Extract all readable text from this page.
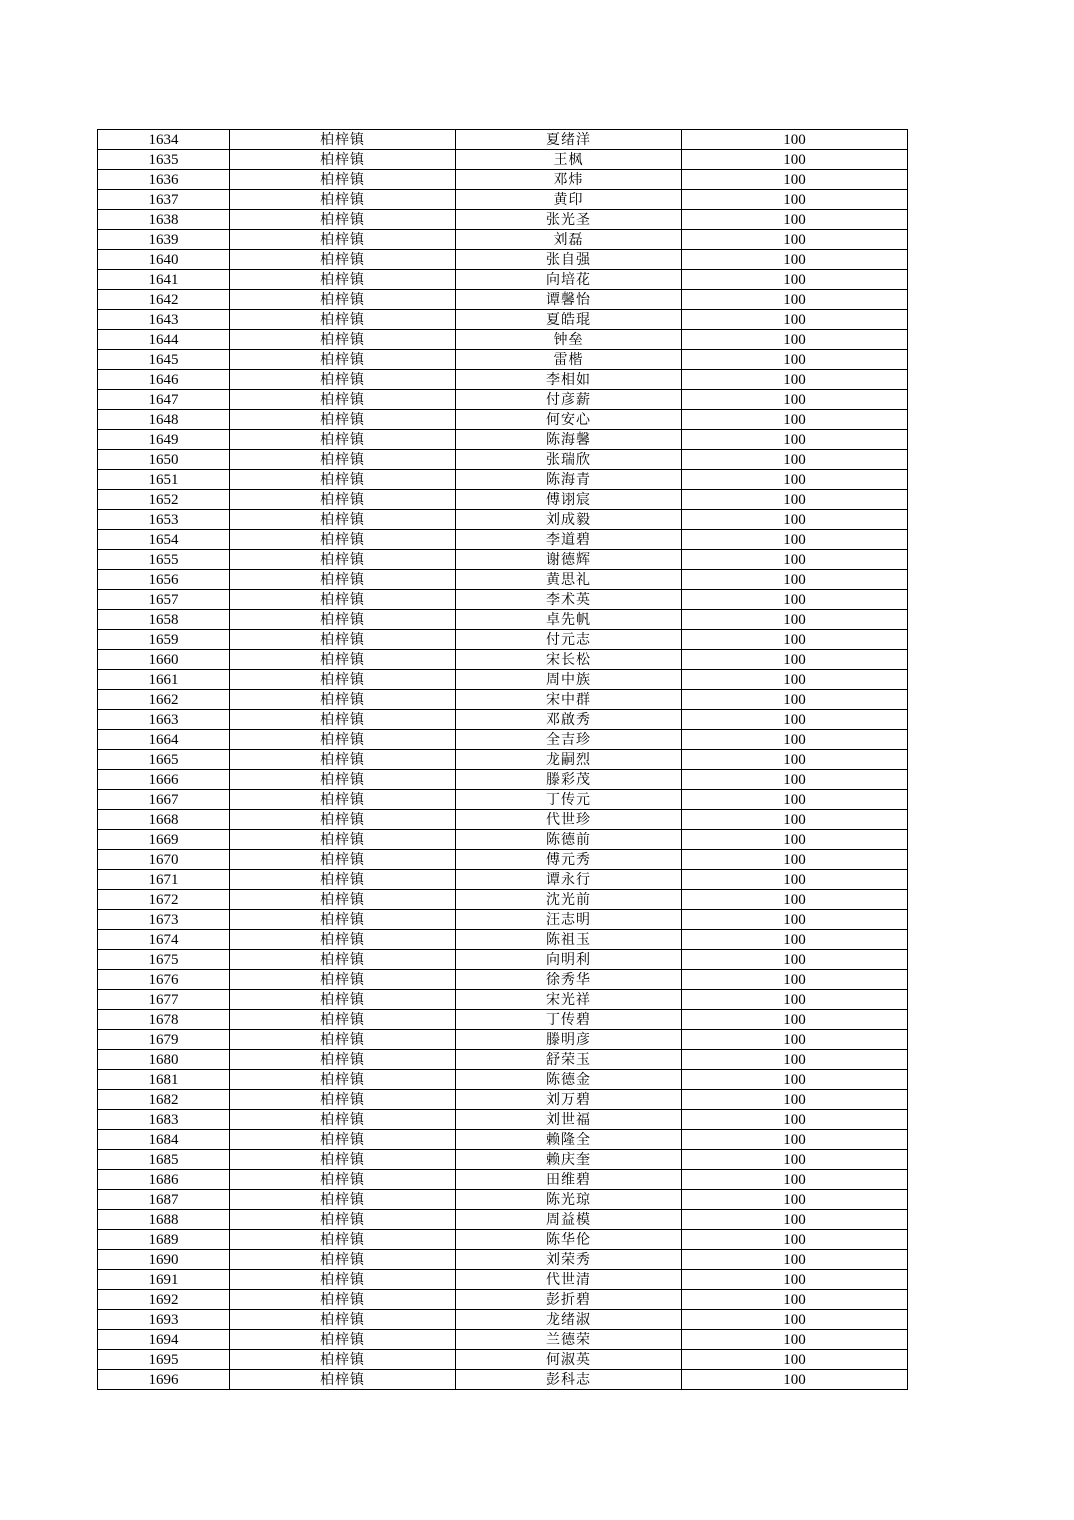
1634	柏梓镇	夏绪洋	100
1635	柏梓镇	王枫	100
1636	柏梓镇	邓炜	100
1637	柏梓镇	黄印	100
1638	柏梓镇	张光圣	100
1639	柏梓镇	刘磊	100
1640	柏梓镇	张自强	100
1641	柏梓镇	向培花	100
1642	柏梓镇	谭馨怡	100
1643	柏梓镇	夏皓琨	100
1644	柏梓镇	钟垒	100
1645	柏梓镇	雷楷	100
1646	柏梓镇	李相如	100
1647	柏梓镇	付彦薪	100
1648	柏梓镇	何安心	100
1649	柏梓镇	陈海馨	100
1650	柏梓镇	张瑞欣	100
1651	柏梓镇	陈海青	100
1652	柏梓镇	傅诩宸	100
1653	柏梓镇	刘成毅	100
1654	柏梓镇	李道碧	100
1655	柏梓镇	谢德辉	100
1656	柏梓镇	黄思礼	100
1657	柏梓镇	李术英	100
1658	柏梓镇	卓先帆	100
1659	柏梓镇	付元志	100
1660	柏梓镇	宋长松	100
1661	柏梓镇	周中族	100
1662	柏梓镇	宋中群	100
1663	柏梓镇	邓啟秀	100
1664	柏梓镇	全吉珍	100
1665	柏梓镇	龙嗣烈	100
1666	柏梓镇	滕彩茂	100
1667	柏梓镇	丁传元	100
1668	柏梓镇	代世珍	100
1669	柏梓镇	陈德前	100
1670	柏梓镇	傅元秀	100
1671	柏梓镇	谭永行	100
1672	柏梓镇	沈光前	100
1673	柏梓镇	汪志明	100
1674	柏梓镇	陈祖玉	100
1675	柏梓镇	向明利	100
1676	柏梓镇	徐秀华	100
1677	柏梓镇	宋光祥	100
1678	柏梓镇	丁传碧	100
1679	柏梓镇	滕明彦	100
1680	柏梓镇	舒荣玉	100
1681	柏梓镇	陈德金	100
1682	柏梓镇	刘万碧	100
1683	柏梓镇	刘世福	100
1684	柏梓镇	赖隆全	100
1685	柏梓镇	赖庆奎	100
1686	柏梓镇	田维碧	100
1687	柏梓镇	陈光琼	100
1688	柏梓镇	周益模	100
1689	柏梓镇	陈华伦	100
1690	柏梓镇	刘荣秀	100
1691	柏梓镇	代世清	100
1692	柏梓镇	彭折碧	100
1693	柏梓镇	龙绪淑	100
1694	柏梓镇	兰德荣	100
1695	柏梓镇	何淑英	100
1696	柏梓镇	彭科志	100
